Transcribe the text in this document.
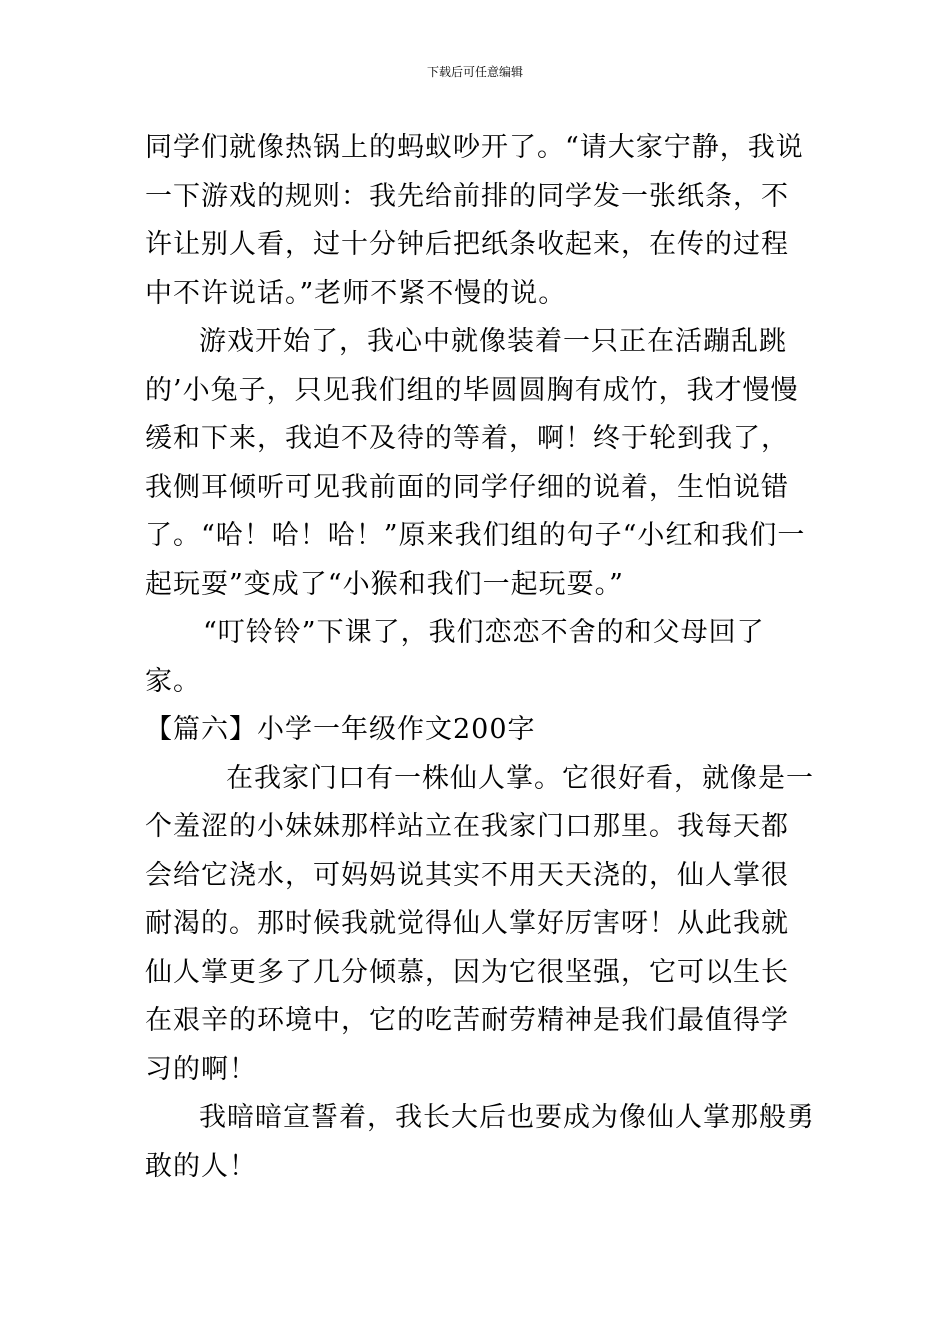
下载后可任意编辑

同学们就像热锅上的蚂蚁吵开了。“请大家宁静，我说一下游戏的规则：我先给前排的同学发一张纸条，不许让别人看，过十分钟后把纸条收起来，在传的过程中不许说话。”老师不紧不慢的说。

游戏开始了，我心中就像装着一只正在活蹦乱跳的’小兔子，只见我们组的毕圆圆胸有成竹，我才慢慢缓和下来，我迫不及待的等着，啊！终于轮到我了，我侧耳倾听可见我前面的同学仔细的说着，生怕说错了。“哈！哈！哈！”原来我们组的句子“小红和我们一起玩耍”变成了“小猴和我们一起玩耍。”

“叮铃铃”下课了，我们恋恋不舍的和父母回了家。

【篇六】小学一年级作文200字

在我家门口有一株仙人掌。它很好看，就像是一个羞涩的小妹妹那样站立在我家门口那里。我每天都会给它浇水，可妈妈说其实不用天天浇的，仙人掌很耐渴的。那时候我就觉得仙人掌好厉害呀！从此我就仙人掌更多了几分倾慕，因为它很坚强，它可以生长在艰辛的环境中，它的吃苦耐劳精神是我们最值得学习的啊！

我暗暗宣誓着，我长大后也要成为像仙人掌那般勇敢的人！
